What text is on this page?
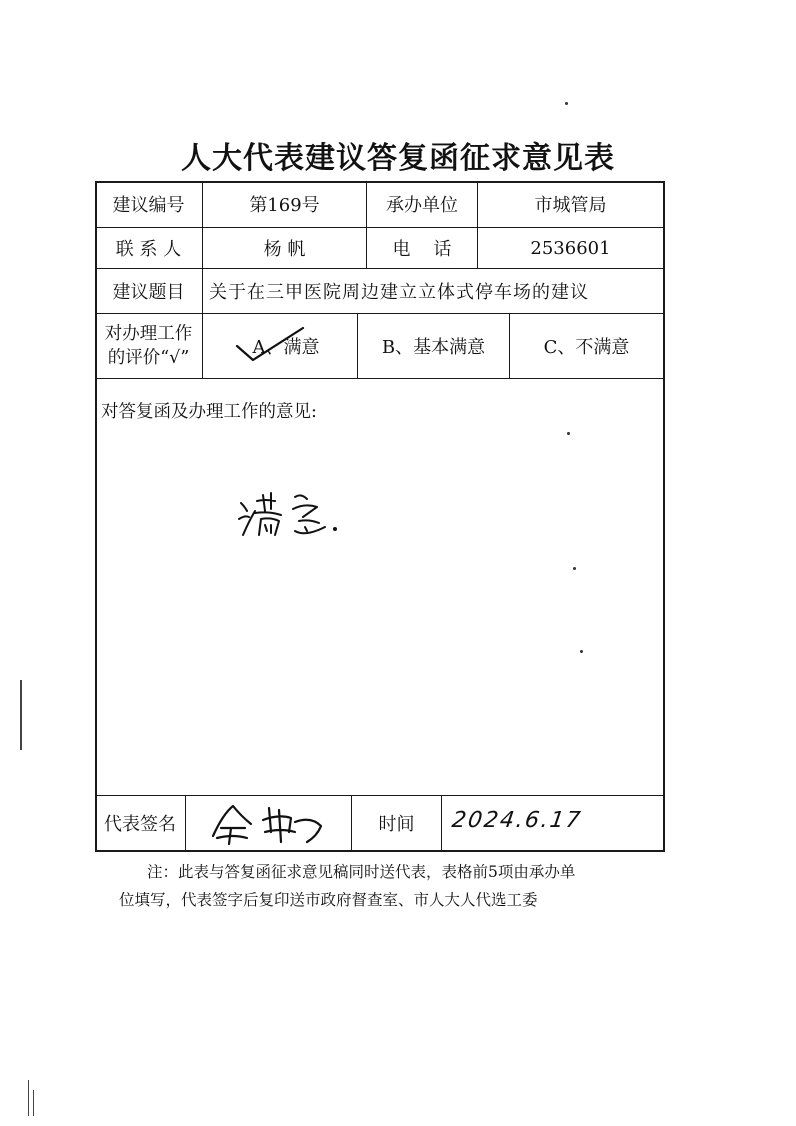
人大代表建议答复函征求意见表
建议编号	第169号	承办单位	市城管局
联 系 人	杨 帆	电    话	2536601
建议题目	关于在三甲医院周边建立立体式停车场的建议
对办理工作
的评价“√”	A、满意	B、基本满意	C、不满意
对答复函及办理工作的意见:
代表签名	时间	2024.6.17
注：此表与答复函征求意见稿同时送代表，表格前5项由承办单
位填写，代表签字后复印送市政府督查室、市人大人代选工委
